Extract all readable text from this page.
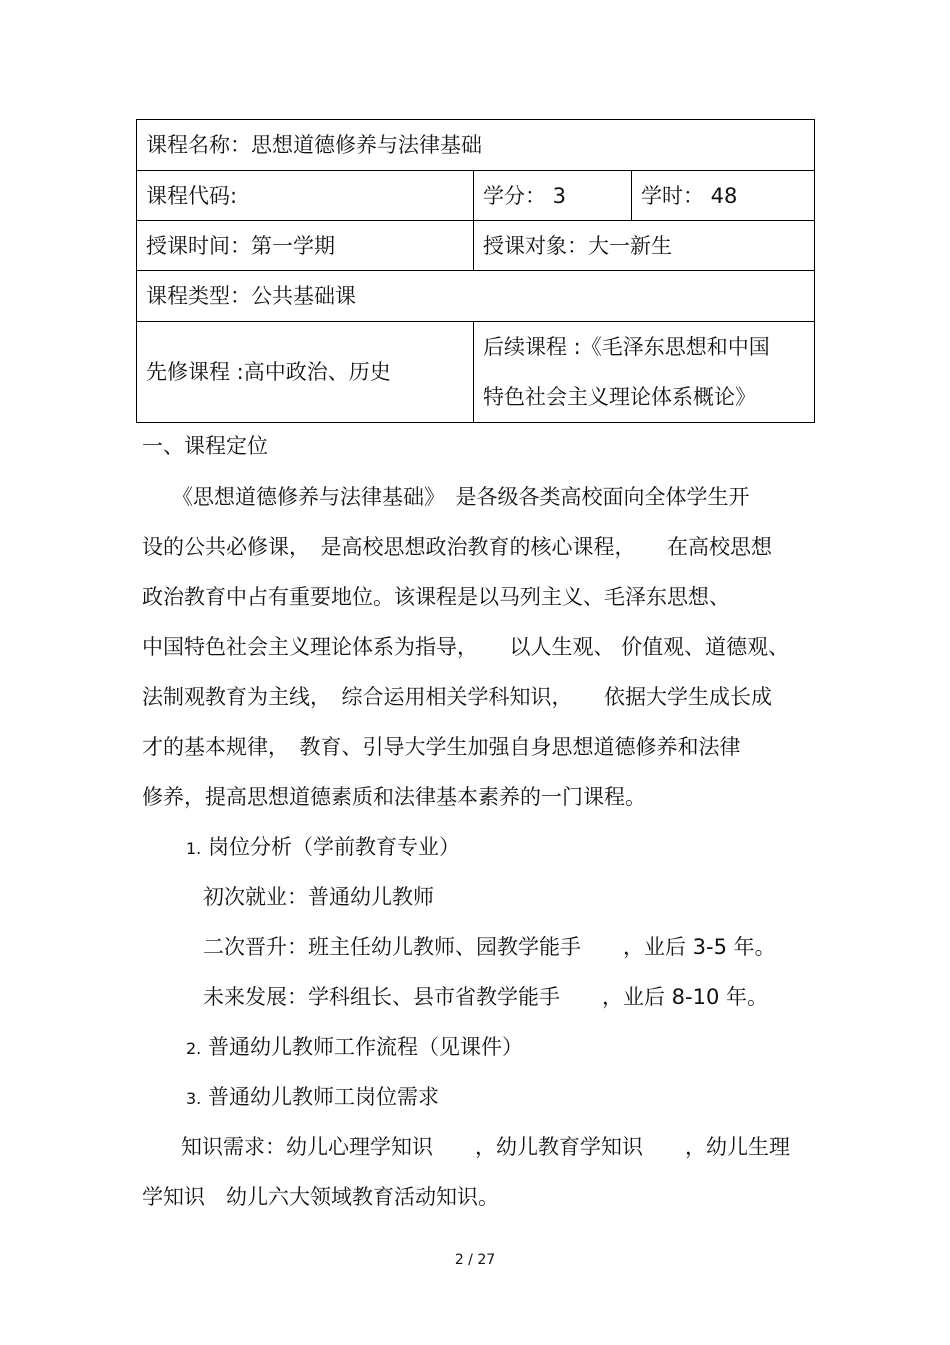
课程名称：思想道德修养与法律基础		
课程代码:	学分： 3	学时： 48
授课时间：第一学期	授课对象：大一新生	
课程类型：公共基础课		
先修课程 :高中政治、历史	后续课程 :《毛泽东思想和中国
特色社会主义理论体系概论》	
一、课程定位
《思想道德修养与法律基础》　是各级各类高校面向全体学生开
设的公共必修课，　是高校思想政治教育的核心课程，　　在高校思想
政治教育中占有重要地位。该课程是以马列主义、毛泽东思想、
中国特色社会主义理论体系为指导，　　以人生观、 价值观、道德观、
法制观教育为主线，　综合运用相关学科知识，　　依据大学生成长成
才的基本规律，　教育、引导大学生加强自身思想道德修养和法律
修养，提高思想道德素质和法律基本素养的一门课程。
1. 岗位分析（学前教育专业）
初次就业：普通幼儿教师
二次晋升：班主任幼儿教师、园教学能手　　，业后 3-5 年。
未来发展：学科组长、县市省教学能手　　，业后 8-10 年。
2. 普通幼儿教师工作流程（见课件）
3. 普通幼儿教师工岗位需求
知识需求：幼儿心理学知识　　，幼儿教育学知识　　，幼儿生理
学知识　幼儿六大领域教育活动知识。
2 / 27
